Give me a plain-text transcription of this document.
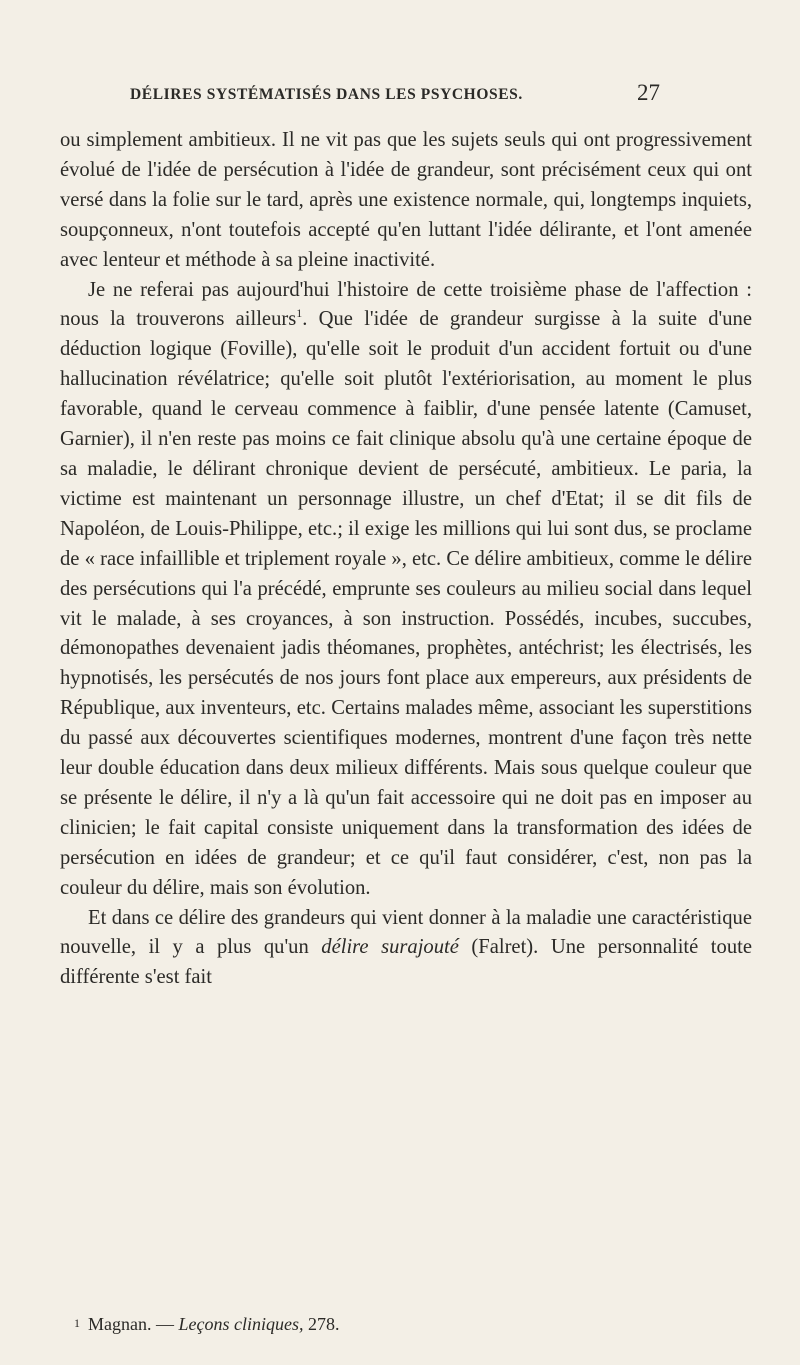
DÉLIRES SYSTÉMATISÉS DANS LES PSYCHOSES.	27

ou simplement ambitieux. Il ne vit pas que les sujets seuls qui ont progressivement évolué de l'idée de persécution à l'idée de grandeur, sont précisément ceux qui ont versé dans la folie sur le tard, après une existence normale, qui, longtemps inquiets, soupçonneux, n'ont toutefois accepté qu'en luttant l'idée délirante, et l'ont amenée avec lenteur et méthode à sa pleine inactivité.

Je ne referai pas aujourd'hui l'histoire de cette troisième phase de l'affection : nous la trouverons ailleurs$^1$. Que l'idée de grandeur surgisse à la suite d'une déduction logique (Foville), qu'elle soit le produit d'un accident fortuit ou d'une hallucination révélatrice; qu'elle soit plutôt l'extériorisation, au moment le plus favorable, quand le cerveau commence à faiblir, d'une pensée latente (Camuset, Garnier), il n'en reste pas moins ce fait clinique absolu qu'à une certaine époque de sa maladie, le délirant chronique devient de persécuté, ambitieux. Le paria, la victime est maintenant un personnage illustre, un chef d'Etat; il se dit fils de Napoléon, de Louis-Philippe, etc.; il exige les millions qui lui sont dus, se proclame de « race infaillible et triplement royale », etc. Ce délire ambitieux, comme le délire des persécutions qui l'a précédé, emprunte ses couleurs au milieu social dans lequel vit le malade, à ses croyances, à son instruction. Possédés, incubes, succubes, démonopathes devenaient jadis théomanes, prophètes, antéchrist; les électrisés, les hypnotisés, les persécutés de nos jours font place aux empereurs, aux présidents de République, aux inventeurs, etc. Certains malades même, associant les superstitions du passé aux découvertes scientifiques modernes, montrent d'une façon très nette leur double éducation dans deux milieux différents. Mais sous quelque couleur que se présente le délire, il n'y a là qu'un fait accessoire qui ne doit pas en imposer au clinicien; le fait capital consiste uniquement dans la transformation des idées de persécution en idées de grandeur; et ce qu'il faut considérer, c'est, non pas la couleur du délire, mais son évolution.

Et dans ce délire des grandeurs qui vient donner à la maladie une caractéristique nouvelle, il y a plus qu'un délire surajouté (Falret). Une personnalité toute différente s'est fait

1 Magnan. — Leçons cliniques, 278.
